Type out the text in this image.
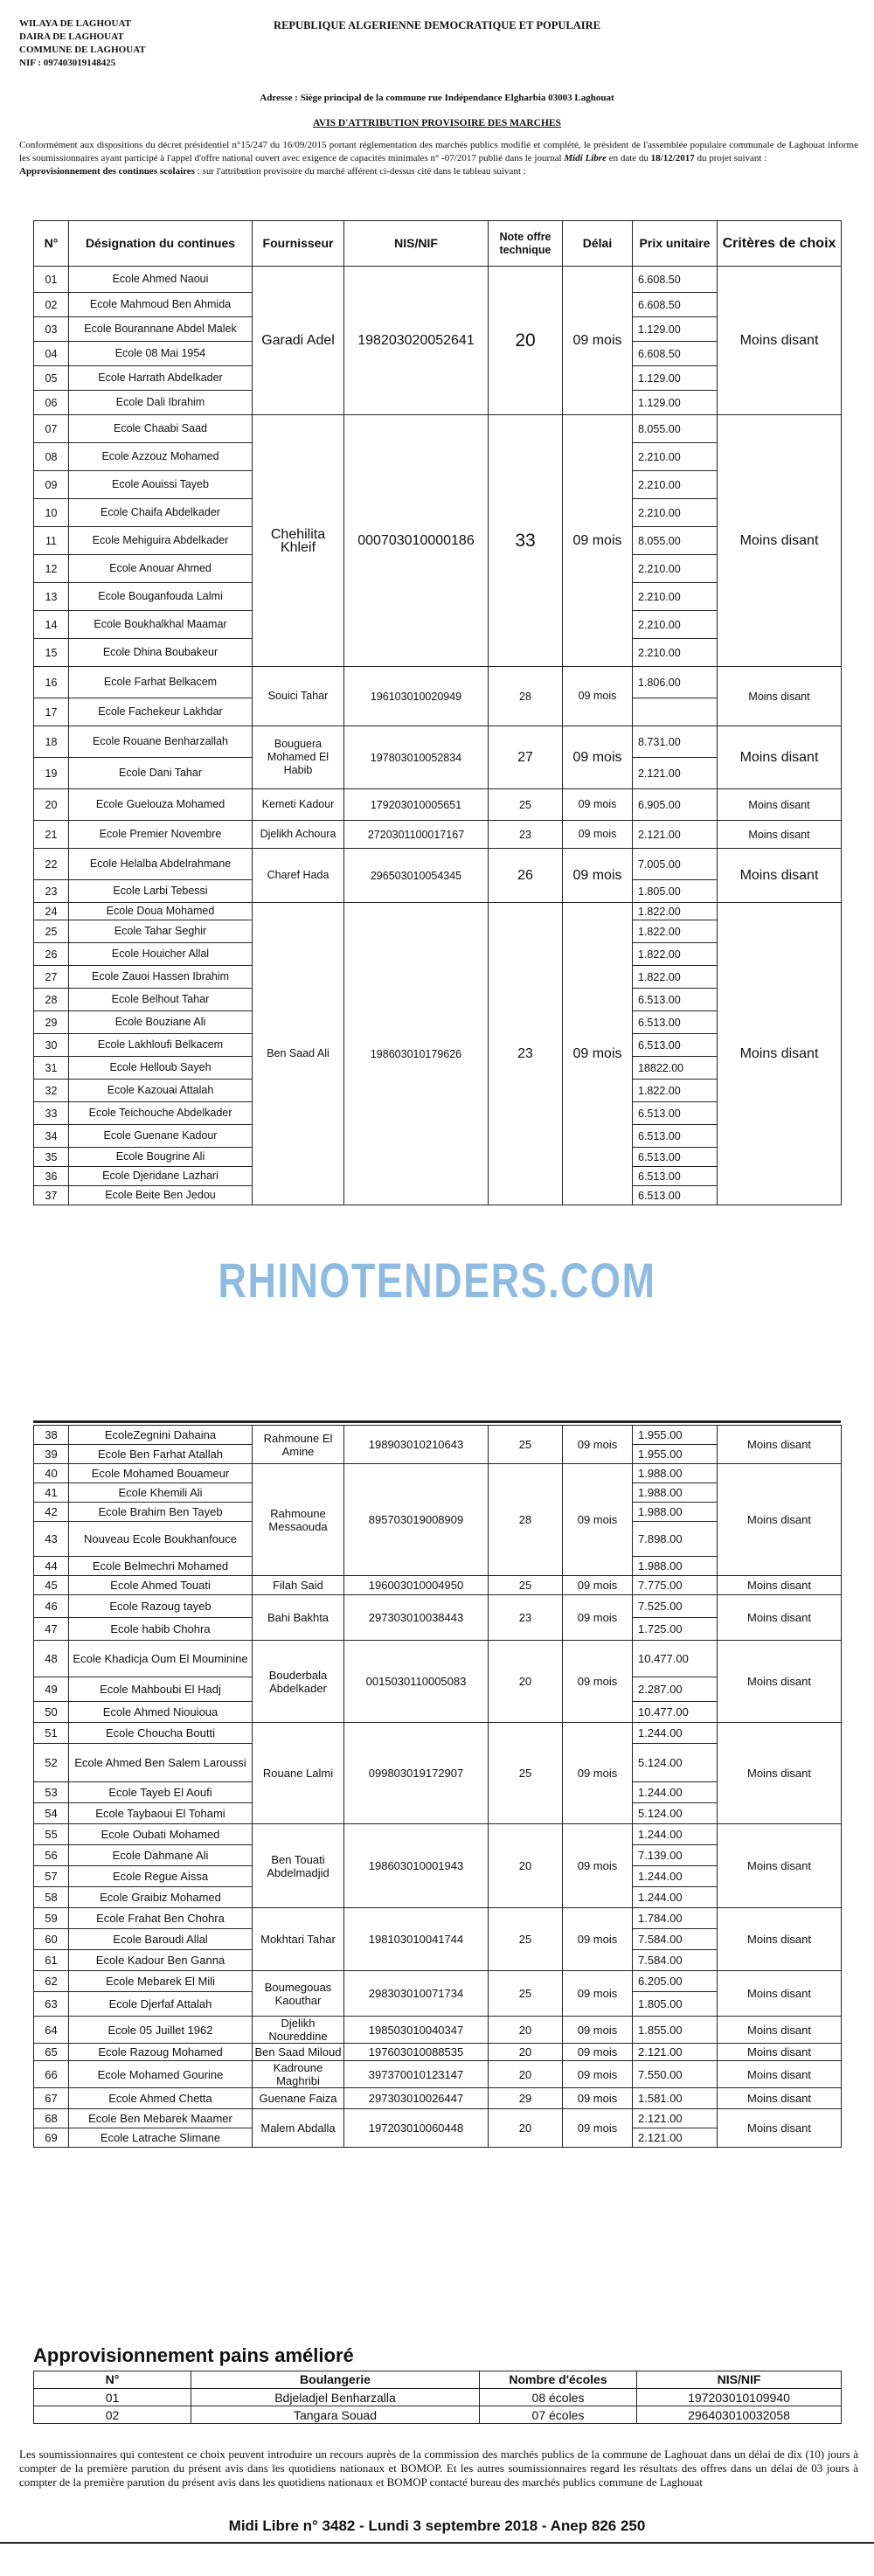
WILAYA DE LAGHOUAT
DAIRA DE LAGHOUAT
COMMUNE DE LAGHOUAT
NIF : 097403019148425
REPUBLIQUE ALGERIENNE DEMOCRATIQUE ET POPULAIRE
Adresse : Siège principal de la commune rue Indépendance Elgharbia 03003 Laghouat
AVIS D'ATTRIBUTION PROVISOIRE DES MARCHES
Conformément aux dispositions du décret présidentiel n°15/247 du 16/09/2015 portant réglementation des marchés publics modifié et complété, le président de l'assemblée populaire communale de Laghouat informe les soumissionnaires ayant participé à l'appel d'offre national ouvert avec exigence de capacités minimales n° -07/2017 publié dans le journal Midi Libre en date du 18/12/2017 du projet suivant :
Approvisionnement des continues scolaires : sur l'attribution provisoire du marché afférent ci-dessus cité dans le tableau suivant :
N°	Désignation du continues	Fournisseur	NIS/NIF	Note offre technique	Délai	Prix unitaire	Critères de choix
01	Ecole Ahmed Naoui	Garadi Adel	198203020052641	20	09 mois	6.608.50	Moins disant
02	Ecole Mahmoud Ben Ahmida					6.608.50	
03	Ecole Bourannane Abdel Malek					1.129.00	
04	Ecole 08 Mai 1954					6.608.50	
05	Ecole Harrath Abdelkader					1.129.00	
06	Ecole Dali Ibrahim					1.129.00	
07	Ecole Chaabi Saad	Chehilita Khleif	000703010000186	33	09 mois	8.055.00	Moins disant
08	Ecole Azzouz Mohamed					2.210.00	
09	Ecole Aouissi Tayeb					2.210.00	
10	Ecole Chaifa Abdelkader					2.210.00	
11	Ecole Mehiguira Abdelkader					8.055.00	
12	Ecole Anouar Ahmed					2.210.00	
13	Ecole Bouganfouda Lalmi					2.210.00	
14	Ecole Boukhalkhal Maamar					2.210.00	
15	Ecole Dhina Boubakeur					2.210.00	
16	Ecole Farhat Belkacem	Souici Tahar	196103010020949	28	09 mois	1.806.00	Moins disant
17	Ecole Fachekeur Lakhdar						
18	Ecole Rouane Benharzallah	Bouguera Mohamed El Habib	197803010052834	27	09 mois	8.731.00	Moins disant
19	Ecole Dani Tahar					2.121.00	
20	Ecole Guelouza Mohamed	Kemeti Kadour	179203010005651	25	09 mois	6.905.00	Moins disant
21	Ecole Premier Novembre	Djelikh Achoura	272030110001716​7	23	09 mois	2.121.00	Moins disant
22	Ecole Helalba Abdelrahmane	Charef Hada	296503010054345	26	09 mois	7.005.00	Moins disant
23	Ecole Larbi Tebessi					1.805.00	
24	Ecole Doua Mohamed	Ben Saad Ali	198603010179626	23	09 mois	1.822.00	Moins disant
25	Ecole Tahar Seghir					1.822.00	
26	Ecole Houicher Allal					1.822.00	
27	Ecole Zauoi Hassen Ibrahim					1.822.00	
28	Ecole Belhout Tahar					6.513.00	
29	Ecole Bouziane Ali					6.513.00	
30	Ecole Lakhloufi Belkacem					6.513.00	
31	Ecole Helloub Sayeh					18822.00	
32	Ecole Kazouai Attalah					1.822.00	
33	Ecole Teichouche Abdelkader					6.513.00	
34	Ecole Guenane Kadour					6.513.00	
35	Ecole Bougrine Ali					6.513.00	
36	Ecole Djeridane Lazhari					6.513.00	
37	Ecole Beite Ben Jedou					6.513.00	
38	EcoleZegnini Dahaina	Rahmoune El Amine	198903010210643	25	09 mois	1.955.00	Moins disant
39	Ecole Ben Farhat Atallah					1.955.00	
40	Ecole Mohamed Bouameur	Rahmoune Messaouda	895703019008909	28	09 mois	1.988.00	Moins disant
41	Ecole Khemili Ali					1.988.00	
42	Ecole Brahim Ben Tayeb					1.988.00	
43	Nouveau Ecole Boukhanfouce					7.898.00	
44	Ecole Belmechri Mohamed					1.988.00	
45	Ecole Ahmed Touati	Filah Said	196003010004950	25	09 mois	7.775.00	Moins disant
46	Ecole Razoug tayeb	Bahi Bakhta	297303010038443	23	09 mois	7.525.00	Moins disant
47	Ecole habib Chohra					1.725.00	
48	Ecole Khadicja Oum El Mouminine	Bouderbala Abdelkader	0015030110005083	20	09 mois	10.477.00	Moins disant
49	Ecole Mahboubi El Hadj					2.287.00	
50	Ecole Ahmed Niouioua					10.477.00	
51	Ecole Choucha Boutti	Rouane Lalmi	099803019172907	25	09 mois	1.244.00	Moins disant
52	Ecole Ahmed Ben Salem Laroussi					5.124.00	
53	Ecole Tayeb El Aoufi					1.244.00	
54	Ecole Taybaoui El Tohami					5.124.00	
55	Ecole Oubati Mohamed	Ben Touati Abdelmadjid	198603010001943	20	09 mois	1.244.00	Moins disant
56	Ecole Dahmane Ali					7.139.00	
57	Ecole Regue Aissa					1.244.00	
58	Ecole Graibiz Mohamed					1.244.00	
59	Ecole Frahat Ben Chohra	Mokhtari Tahar	198103010041744	25	09 mois	1.784.00	Moins disant
60	Ecole Baroudi Allal					7.584.00	
61	Ecole Kadour Ben Ganna					7.584.00	
62	Ecole Mebarek El Mili	Boumegouas Kaouthar	298303010071734	25	09 mois	6.205.00	Moins disant
63	Ecole Djerfaf Attalah					1.805.00	
64	Ecole 05 Juillet 1962	Djelikh Noureddine	198503010040347	20	09 mois	1.855.00	Moins disant
65	Ecole Razoug Mohamed	Ben Saad Miloud	197603010088535	20	09 mois	2.121.00	Moins disant
66	Ecole Mohamed Gourine	Kadroune Maghribi	397370010123147	20	09 mois	7.550.00	Moins disant
67	Ecole Ahmed Chetta	Guenane Faiza	297303010026447	29	09 mois	1.581.00	Moins disant
68	Ecole Ben Mebarek Maamer	Malem Abdalla	197203010060448	20	09 mois	2.121.00	Moins disant
69	Ecole Latrache Slimane					2.121.00	
RHINOTENDERS.COM
Approvisionnement pains amélioré
N°	Boulangerie	Nombre d'écoles	NIS/NIF
01	Bdjeladjel Benharzalla	08 écoles	197203010109940
02	Tangara Souad	07 écoles	296403010032058
Les soumissionnaires qui contestent ce choix peuvent introduire un recours auprès de la commission des marchés publics de la commune de Laghouat dans un délai de dix (10) jours à compter de la première parution du présent avis dans les quotidiens nationaux et BOMOP. Et les autres soumissionnaires regard les résultats des offres dans un délai de 03 jours à compter de la première parution du présent avis dans les quotidiens nationaux et BOMOP contacté bureau des marchés publics commune de Laghouat
Midi Libre n° 3482 - Lundi 3 septembre 2018 - Anep 826 250
